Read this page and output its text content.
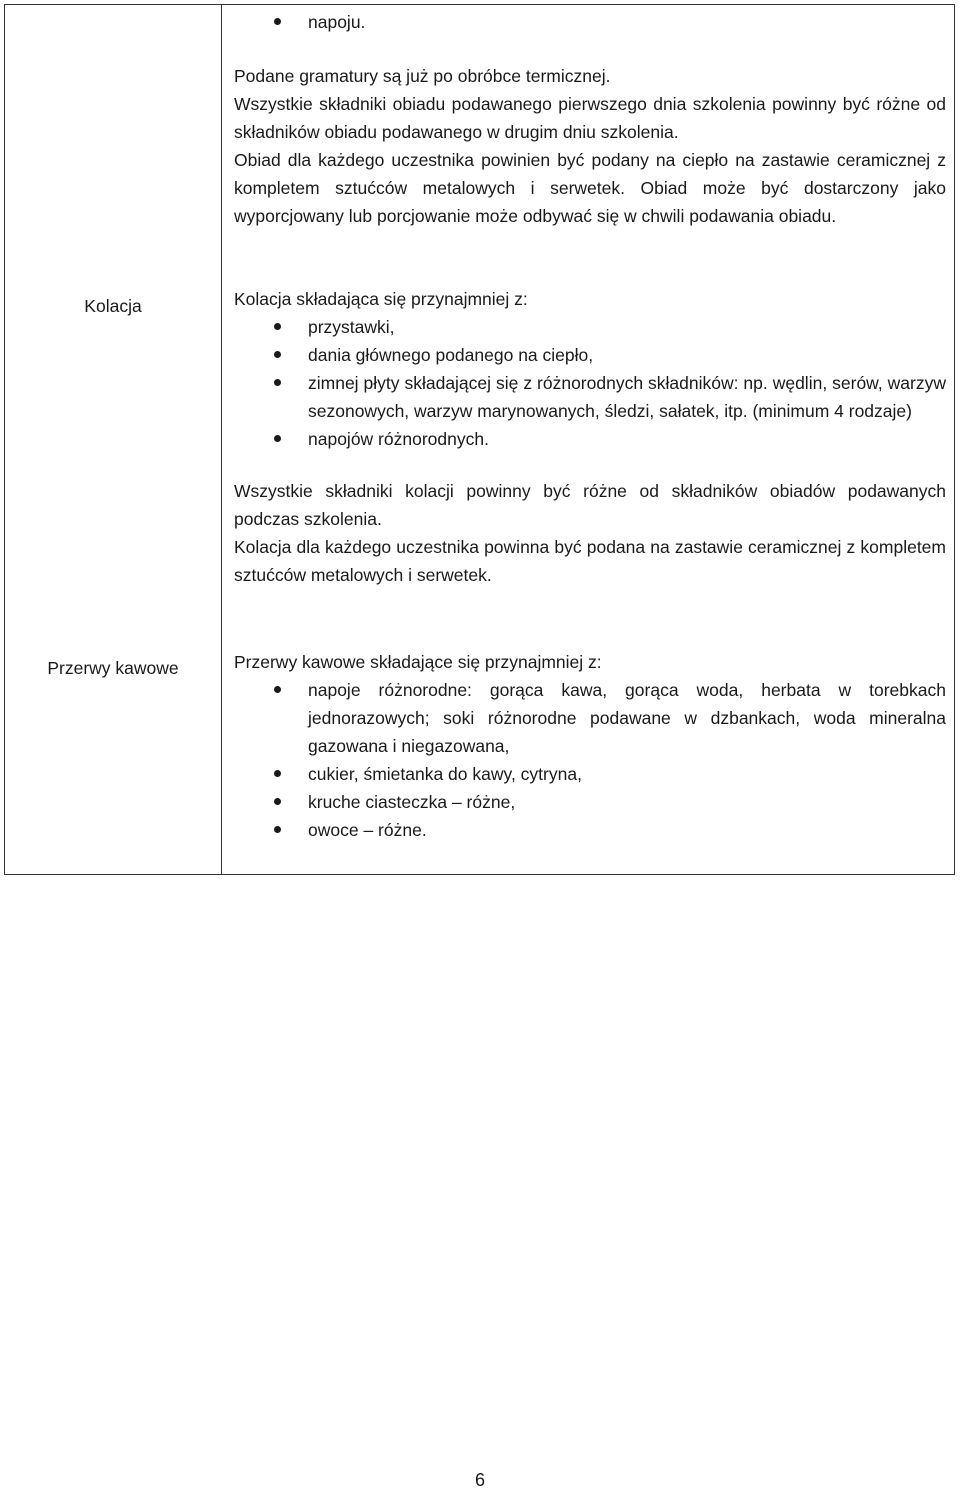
Kolacja
Przerwy kawowe
napoju.

Podane gramatury są już po obróbce termicznej.

Wszystkie składniki obiadu podawanego pierwszego dnia szkolenia powinny być różne od składników obiadu podawanego w drugim dniu szkolenia.

Obiad dla każdego uczestnika powinien być podany na ciepło na zastawie ceramicznej z kompletem sztućców metalowych i serwetek. Obiad może być dostarczony jako wyporcjowany lub porcjowanie może odbywać się w chwili podawania obiadu.

Kolacja składająca się przynajmniej z:

przystawki,
dania głównego podanego na ciepło,
zimnej płyty składającej się z różnorodnych składników: np. wędlin, serów, warzyw sezonowych, warzyw marynowanych, śledzi, sałatek, itp. (minimum 4 rodzaje)
napojów różnorodnych.

Wszystkie składniki kolacji powinny być różne od składników obiadów podawanych podczas szkolenia.

Kolacja dla każdego uczestnika powinna być podana na zastawie ceramicznej z kompletem sztućców metalowych i serwetek.

Przerwy kawowe składające się przynajmniej z:

napoje różnorodne: gorąca kawa, gorąca woda, herbata w torebkach jednorazowych; soki różnorodne podawane w dzbankach, woda mineralna gazowana i niegazowana,
cukier, śmietanka do kawy, cytryna,
kruche ciasteczka – różne,
owoce – różne.
6
